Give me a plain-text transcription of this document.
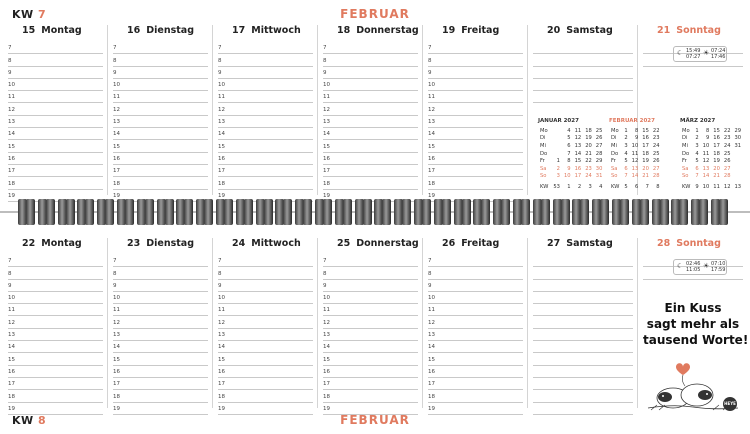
KW 7	FEBRUAR
15 Montag
7
8
9
10
11
12
13
14
15
16
17
18
19
16 Dienstag
7
8
9
10
11
12
13
14
15
16
17
18
19
17 Mittwoch
7
8
9
10
11
12
13
14
15
16
17
18
19
18 Donnerstag
7
8
9
10
11
12
13
14
15
16
17
18
19
19 Freitag
7
8
9
10
11
12
13
14
15
16
17
18
19
20 Samstag	21 Sonntag
22 Montag
7
8
9
10
11
12
13
14
15
16
17
18
19
23 Dienstag
7
8
9
10
11
12
13
14
15
16
17
18
19
24 Mittwoch
7
8
9
10
11
12
13
14
15
16
17
18
19
25 Donnerstag
7
8
9
10
11
12
13
14
15
16
17
18
19
26 Freitag
7
8
9
10
11
12
13
14
15
16
17
18
19
27 Samstag	28 Sonntag
KW 8	FEBRUAR
☾ 15:49
07:27 ☀ 07:24
17:46
☾ 02:46
11:05 ☀ 07:10
17:59
JANUAR 2027
Mo		4	11	18	25
Di		5	12	19	26
Mi		6	13	20	27
Do		7	14	21	28
Fr	1	8	15	22	29
Sa	2	9	16	23	30
So	3	10	17	24	31
KW	53	1	2	3	4
FEBRUAR 2027
Mo	1	8	15	22
Di	2	9	16	23
Mi	3	10	17	24
Do	4	11	18	25
Fr	5	12	19	26
Sa	6	13	20	27
So	7	14	21	28
KW	5	6	7	8
MÄRZ 2027
Mo	1	8	15	22	29
Di	2	9	16	23	30
Mi	3	10	17	24	31
Do	4	11	18	25	
Fr	5	12	19	26	
Sa	6	13	20	27	
So	7	14	21	28	
KW	9	10	11	12	13
Ein Kuss
sagt mehr als
tausend Worte!
HEYE
